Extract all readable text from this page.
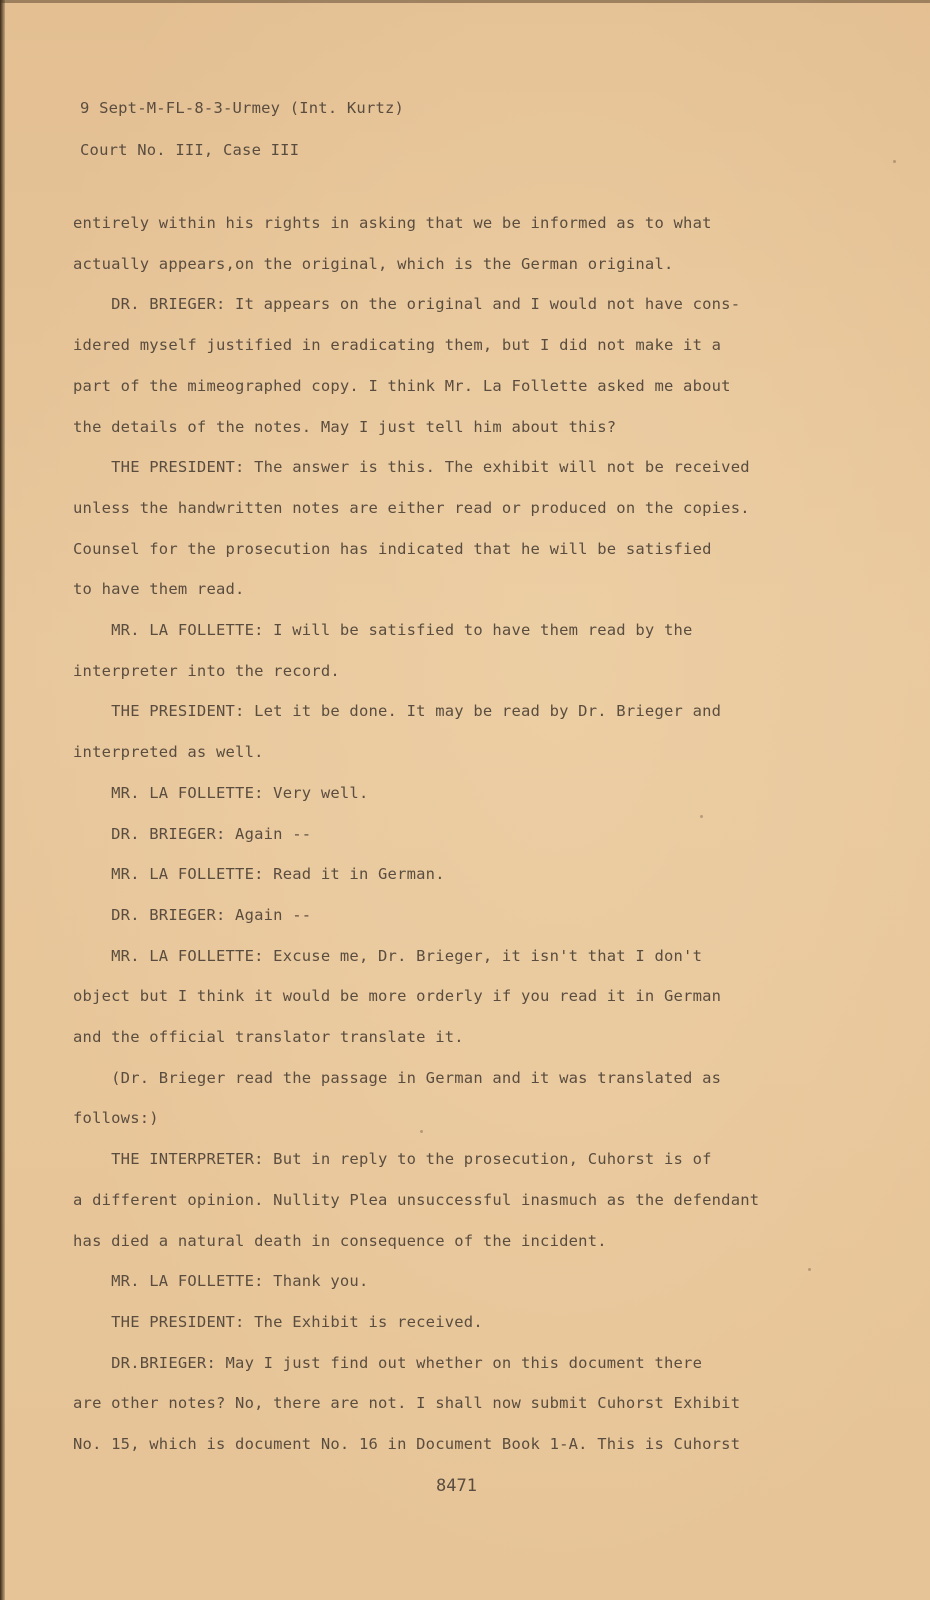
9 Sept-M-FL-8-3-Urmey (Int. Kurtz)
Court No. III, Case III
entirely within his rights in asking that we be informed as to what
actually appears,on the original, which is the German original.
DR. BRIEGER: It appears on the original and I would not have cons-
idered myself justified in eradicating them, but I did not make it a
part of the mimeographed copy. I think Mr. La Follette asked me about
the details of the notes. May I just tell him about this?
THE PRESIDENT: The answer is this. The exhibit will not be received
unless the handwritten notes are either read or produced on the copies.
Counsel for the prosecution has indicated that he will be satisfied
to have them read.
MR. LA FOLLETTE: I will be satisfied to have them read by the
interpreter into the record.
THE PRESIDENT: Let it be done. It may be read by Dr. Brieger and
interpreted as well.
MR. LA FOLLETTE: Very well.
DR. BRIEGER: Again --
MR. LA FOLLETTE: Read it in German.
DR. BRIEGER: Again --
MR. LA FOLLETTE: Excuse me, Dr. Brieger, it isn't that I don't
object but I think it would be more orderly if you read it in German
and the official translator translate it.
(Dr. Brieger read the passage in German and it was translated as
follows:)
THE INTERPRETER: But in reply to the prosecution, Cuhorst is of
a different opinion. Nullity Plea unsuccessful inasmuch as the defendant
has died a natural death in consequence of the incident.
MR. LA FOLLETTE: Thank you.
THE PRESIDENT: The Exhibit is received.
DR.BRIEGER: May I just find out whether on this document there
are other notes? No, there are not. I shall now submit Cuhorst Exhibit
No. 15, which is document No. 16 in Document Book 1-A. This is Cuhorst
8471
